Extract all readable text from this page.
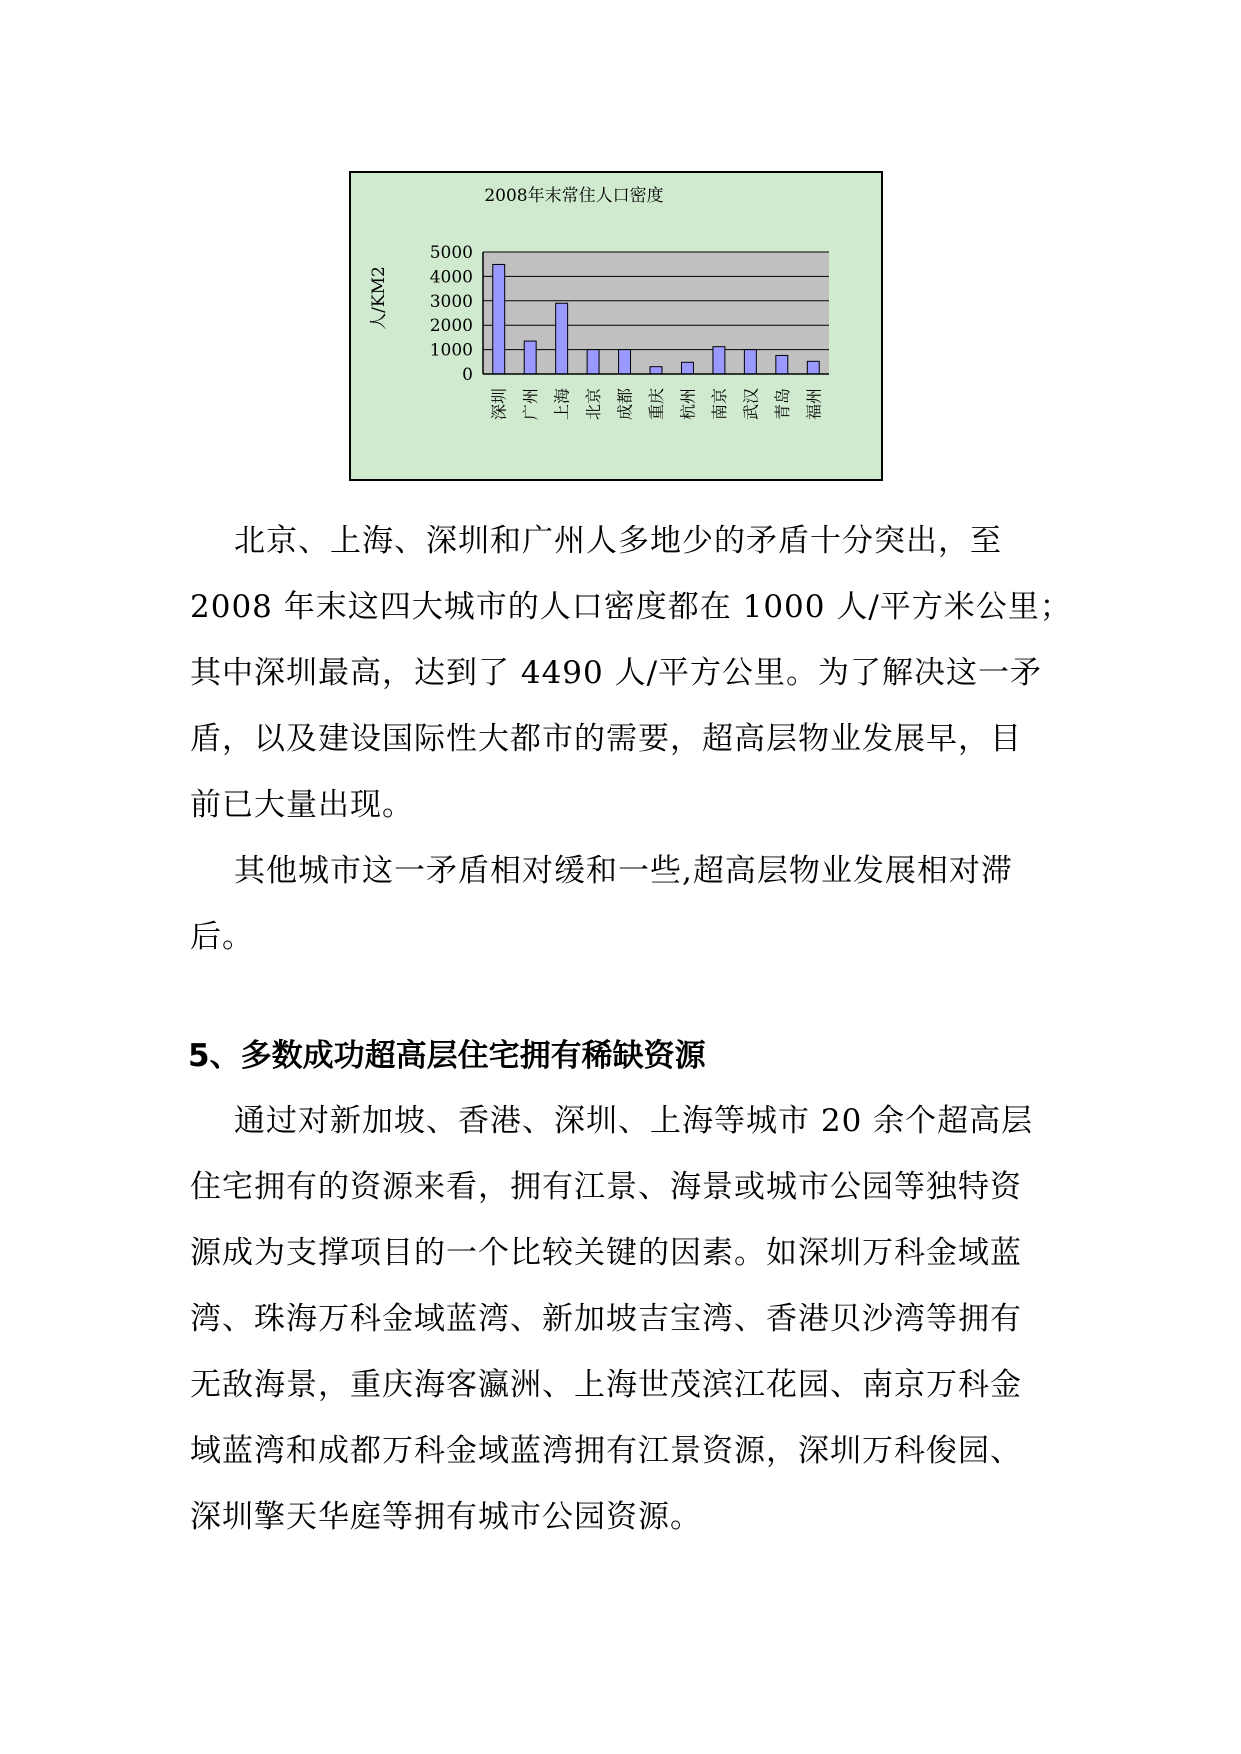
2008年末常住人口密度
人/KM2
5000
4000
3000
2000
1000
0
深圳 广州 上海 北京 成都 重庆 杭州 南京 武汉 青岛 福州
北京、上海、深圳和广州人多地少的矛盾十分突出，至
2008 年末这四大城市的人口密度都在 1000 人/平方米公里；
其中深圳最高，达到了 4490 人/平方公里。为了解决这一矛
盾，以及建设国际性大都市的需要，超高层物业发展早，目
前已大量出现。
其他城市这一矛盾相对缓和一些,超高层物业发展相对滞
后。
5、多数成功超高层住宅拥有稀缺资源
通过对新加坡、香港、深圳、上海等城市 20 余个超高层
住宅拥有的资源来看，拥有江景、海景或城市公园等独特资
源成为支撑项目的一个比较关键的因素。如深圳万科金域蓝
湾、珠海万科金域蓝湾、新加坡吉宝湾、香港贝沙湾等拥有
无敌海景，重庆海客瀛洲、上海世茂滨江花园、南京万科金
域蓝湾和成都万科金域蓝湾拥有江景资源，深圳万科俊园、
深圳擎天华庭等拥有城市公园资源。
